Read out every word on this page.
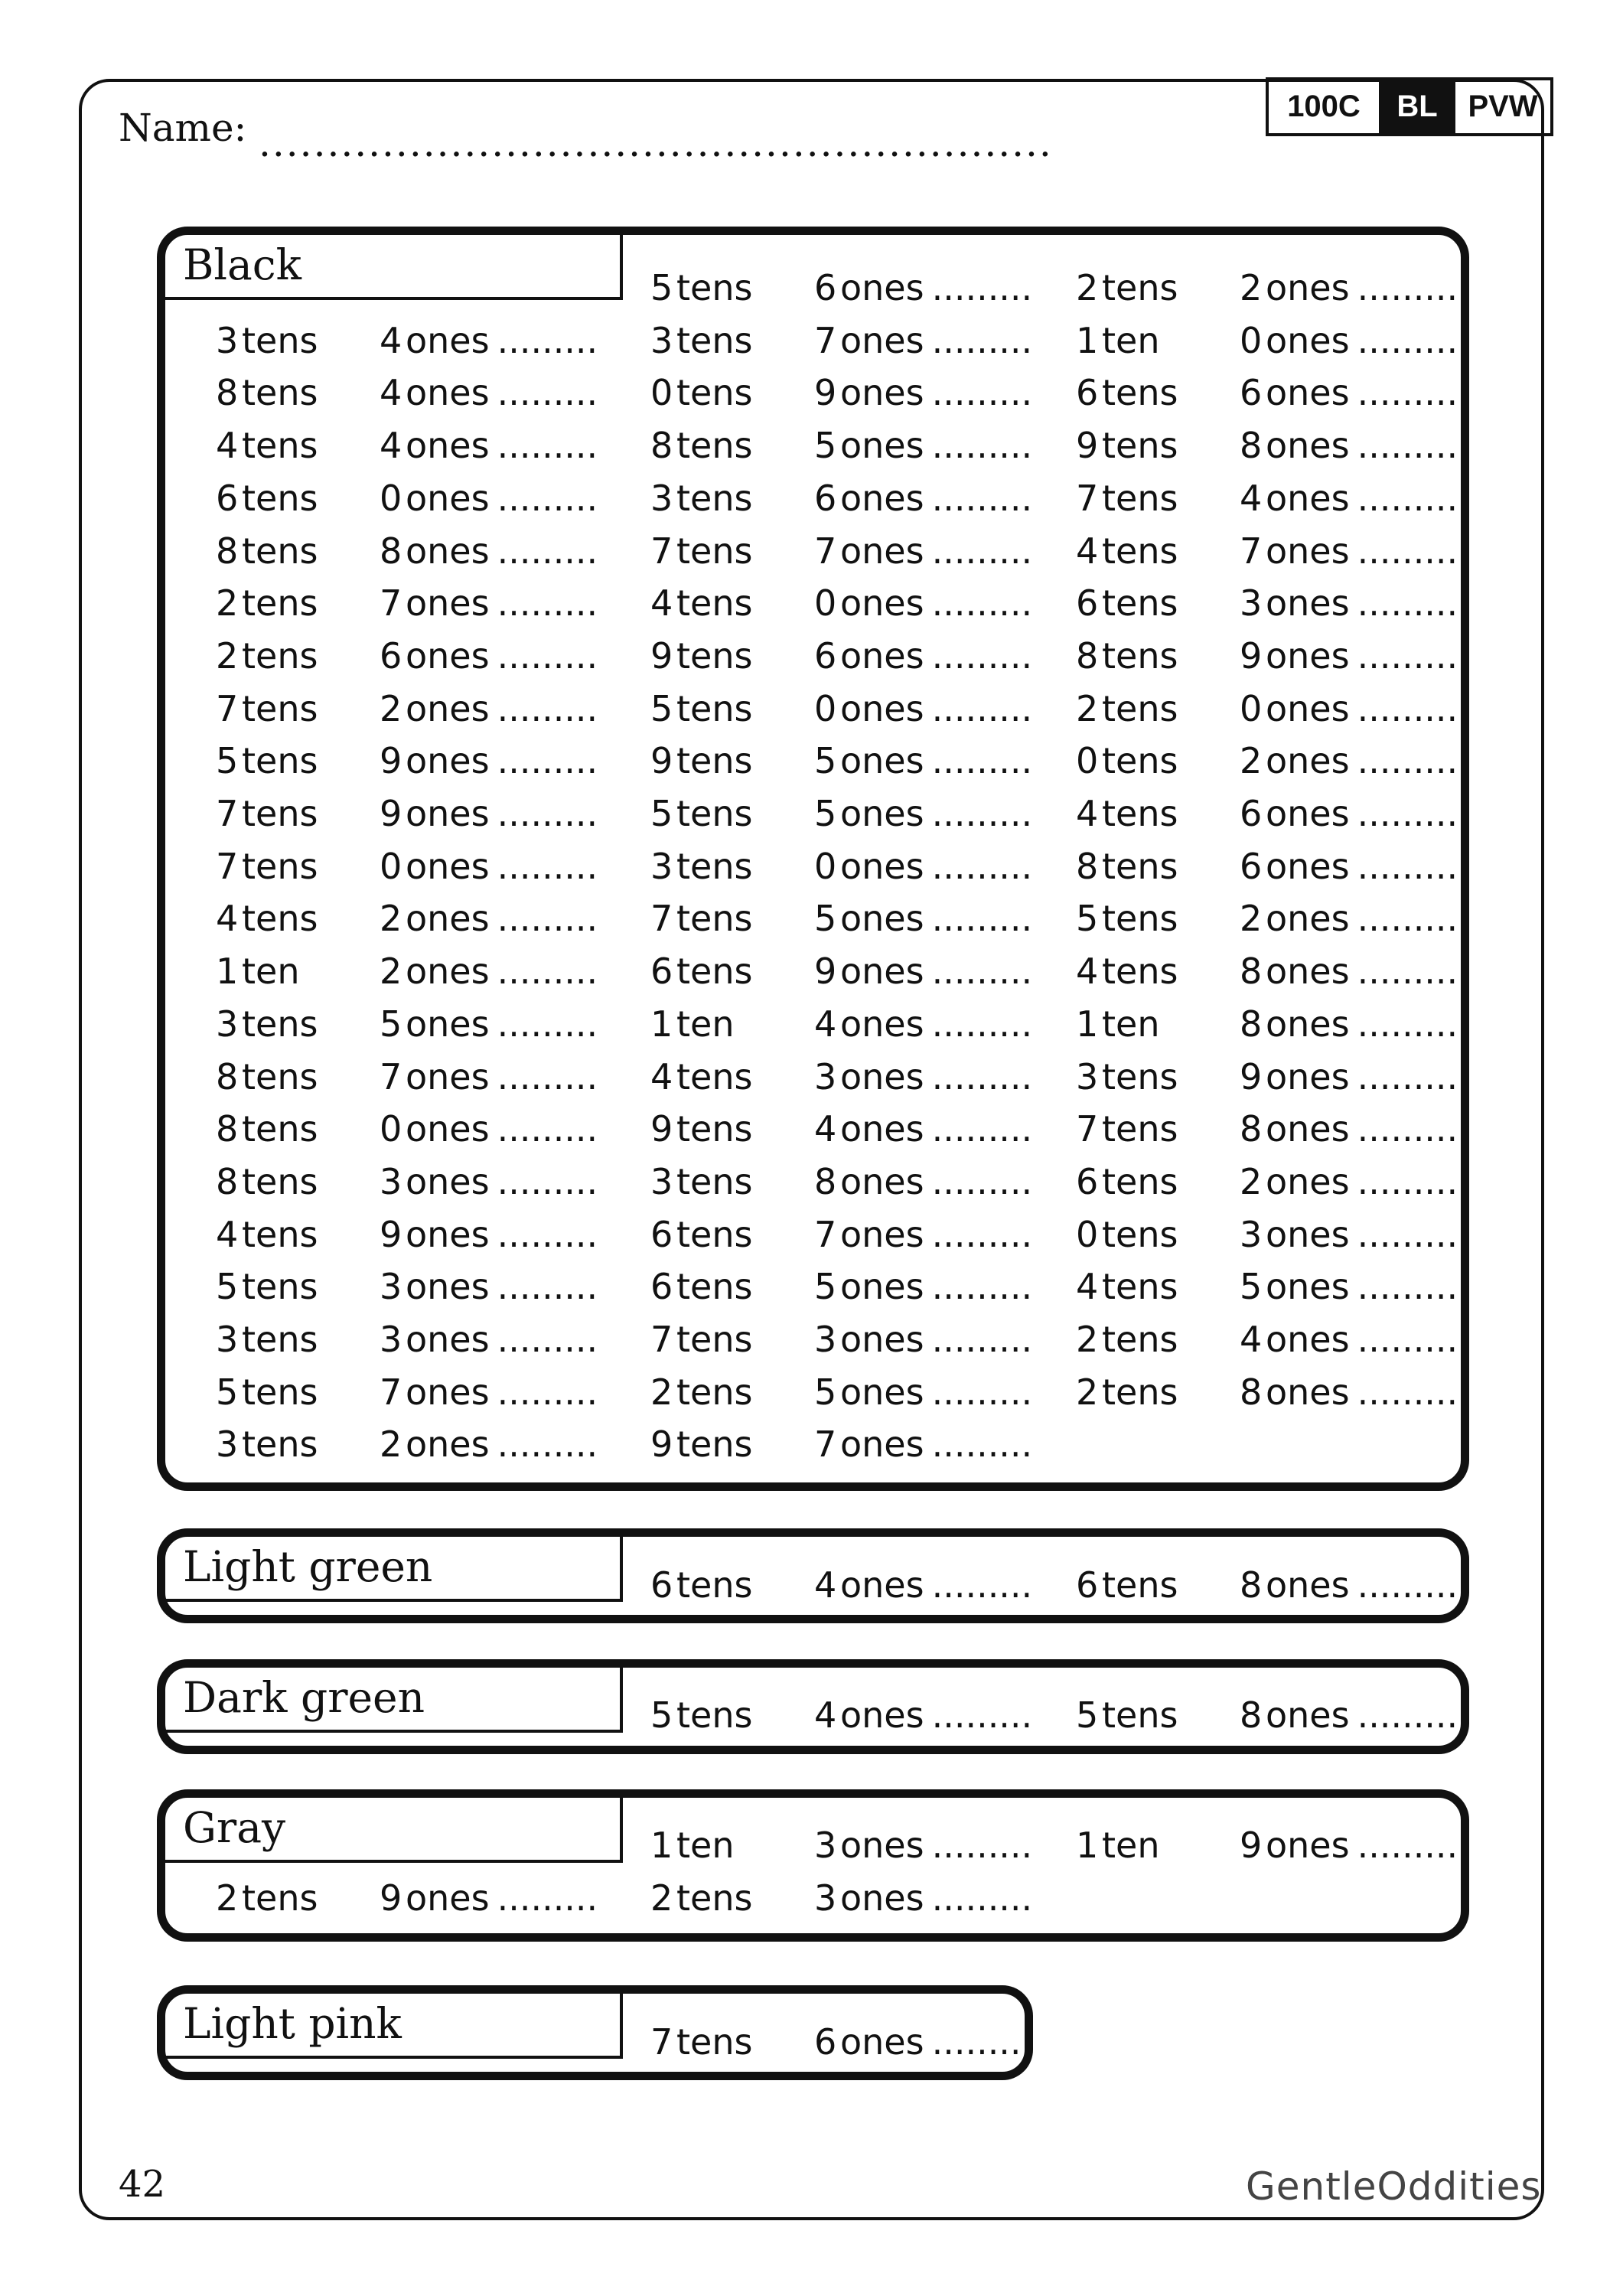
100C	BL PVW
Name: ..........................................................
Black
Light green
Dark green
Gray
Light pink
3 tens 4 ones .........
8 tens 4 ones .........
4 tens 4 ones .........
6 tens 0 ones .........
8 tens 8 ones .........
2 tens 7 ones .........
2 tens 6 ones .........
7 tens 2 ones .........
5 tens 9 ones .........
7 tens 9 ones .........
7 tens 0 ones .........
4 tens 2 ones .........
1 ten 2 ones .........
3 tens 5 ones .........
8 tens 7 ones .........
8 tens 0 ones .........
8 tens 3 ones .........
4 tens 9 ones .........
5 tens 3 ones .........
3 tens 3 ones .........
5 tens 7 ones .........
3 tens 2 ones .........
5 tens 6 ones .........
3 tens 7 ones .........
0 tens 9 ones .........
8 tens 5 ones .........
3 tens 6 ones .........
7 tens 7 ones .........
4 tens 0 ones .........
9 tens 6 ones .........
5 tens 0 ones .........
9 tens 5 ones .........
5 tens 5 ones .........
3 tens 0 ones .........
7 tens 5 ones .........
6 tens 9 ones .........
1 ten 4 ones .........
4 tens 3 ones .........
9 tens 4 ones .........
3 tens 8 ones .........
6 tens 7 ones .........
6 tens 5 ones .........
7 tens 3 ones .........
2 tens 5 ones .........
9 tens 7 ones .........
2 tens 2 ones .........
1 ten 0 ones .........
6 tens 6 ones .........
9 tens 8 ones .........
7 tens 4 ones .........
4 tens 7 ones .........
6 tens 3 ones .........
8 tens 9 ones .........
2 tens 0 ones .........
0 tens 2 ones .........
4 tens 6 ones .........
8 tens 6 ones .........
5 tens 2 ones .........
4 tens 8 ones .........
1 ten 8 ones .........
3 tens 9 ones .........
7 tens 8 ones .........
6 tens 2 ones .........
0 tens 3 ones .........
4 tens 5 ones .........
2 tens 4 ones .........
2 tens 8 ones .........
6 tens 4 ones ......... 6 tens 8 ones .........
5 tens 4 ones ......... 5 tens 8 ones .........
2 tens 9 ones .........
1 ten 3 ones .........
2 tens 3 ones .........
1 ten 9 ones .........
7 tens 6 ones .........
42	GentleOddities
